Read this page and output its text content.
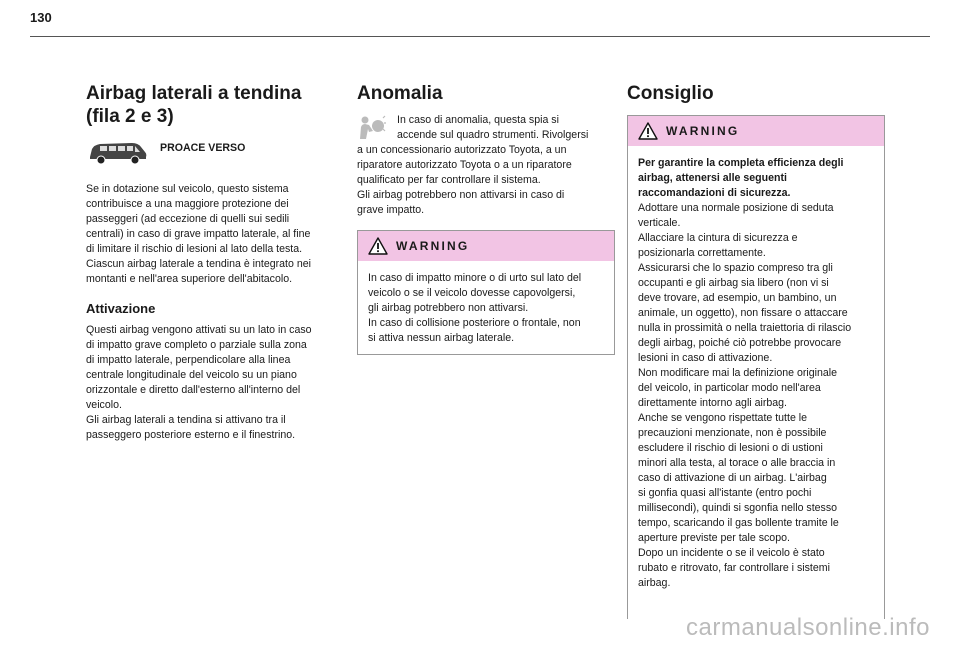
130
Airbag laterali a tendina
(fila 2 e 3)
PROACE VERSO

Se in dotazione sul veicolo, questo sistema
contribuisce a una maggiore protezione dei
passeggeri (ad eccezione di quelli sui sedili
centrali) in caso di grave impatto laterale, al fine
di limitare il rischio di lesioni al lato della testa.
Ciascun airbag laterale a tendina è integrato nei
montanti e nell'area superiore dell'abitacolo.

Attivazione

Questi airbag vengono attivati su un lato in caso
di impatto grave completo o parziale sulla zona
di impatto laterale, perpendicolare alla linea
centrale longitudinale del veicolo su un piano
orizzontale e diretto dall'esterno all'interno del
veicolo.
Gli airbag laterali a tendina si attivano tra il
passeggero posteriore esterno e il finestrino.

Anomalia

In caso di anomalia, questa spia si
accende sul quadro strumenti. Rivolgersi

a un concessionario autorizzato Toyota, a un
riparatore autorizzato Toyota o a un riparatore
qualificato per far controllare il sistema.
Gli airbag potrebbero non attivarsi in caso di
grave impatto.

WARNING

In caso di impatto minore o di urto sul lato del
veicolo o se il veicolo dovesse capovolgersi,
gli airbag potrebbero non attivarsi.
In caso di collisione posteriore o frontale, non
si attiva nessun airbag laterale.

Consiglio
WARNING

Per garantire la completa efficienza degli
airbag, attenersi alle seguenti
raccomandazioni di sicurezza.

Adottare una normale posizione di seduta
verticale.
Allacciare la cintura di sicurezza e
posizionarla correttamente.
Assicurarsi che lo spazio compreso tra gli
occupanti e gli airbag sia libero (non vi si
deve trovare, ad esempio, un bambino, un
animale, un oggetto), non fissare o attaccare
nulla in prossimità o nella traiettoria di rilascio
degli airbag, poiché ciò potrebbe provocare
lesioni in caso di attivazione.
Non modificare mai la definizione originale
del veicolo, in particolar modo nell'area
direttamente intorno agli airbag.
Anche se vengono rispettate tutte le
precauzioni menzionate, non è possibile
escludere il rischio di lesioni o di ustioni
minori alla testa, al torace o alle braccia in
caso di attivazione di un airbag. L'airbag
si gonfia quasi all'istante (entro pochi
millisecondi), quindi si sgonfia nello stesso
tempo, scaricando il gas bollente tramite le
aperture previste per tale scopo.
Dopo un incidente o se il veicolo è stato
rubato e ritrovato, far controllare i sistemi
airbag.

carmanualsonline.info
